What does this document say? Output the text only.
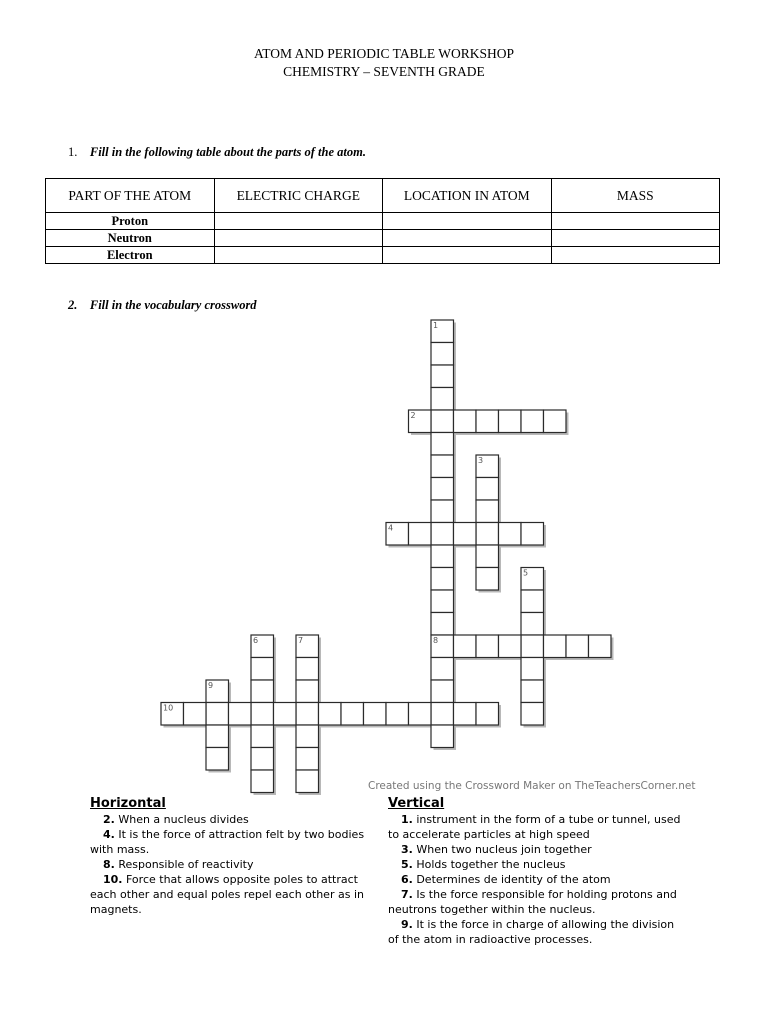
ATOM AND PERIODIC TABLE WORKSHOP
CHEMISTRY – SEVENTH GRADE
1. Fill in the following table about the parts of the atom.
PART OF THE ATOM	ELECTRIC CHARGE	LOCATION IN ATOM	MASS
Proton			
Neutron			
Electron			
2. Fill in the vocabulary crossword
1
8
2
3
4
5
6	7
9
10
Created using the Crossword Maker on TheTeachersCorner.net
Horizontal
2. When a nucleus divides
4. It is the force of attraction felt by two bodies with mass.
8. Responsible of reactivity
10. Force that allows opposite poles to attract each other and equal poles repel each other as in magnets.
Vertical
1. instrument in the form of a tube or tunnel, used to accelerate particles at high speed
3. When two nucleus join together
5. Holds together the nucleus
6. Determines de identity of the atom
7. Is the force responsible for holding protons and neutrons together within the nucleus.
9. It is the force in charge of allowing the division of the atom in radioactive processes.
